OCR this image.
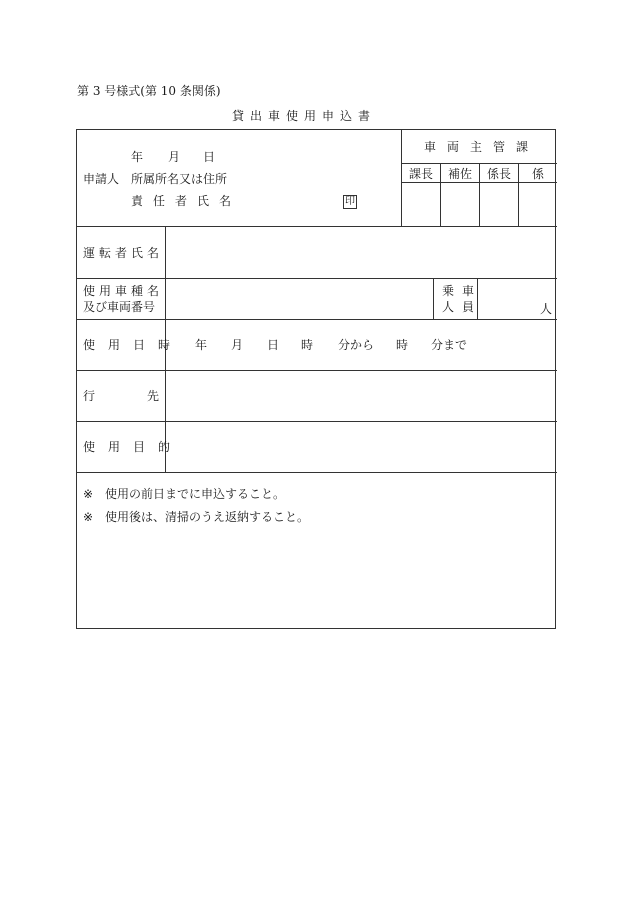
第 3 号様式(第 10 条関係)
貸出車使用申込書
年 月 日
申請人 所属所名又は住所
責任者氏名	印
車両主管課
課長 補佐 係長 係
運転者氏名
使用車種名
及び車両番号
乗車
人員	人
使用日時 年 月 日 時 分から 時 分まで
行	先
使用目的
※ 使用の前日までに申込すること。
※ 使用後は、清掃のうえ返納すること。
